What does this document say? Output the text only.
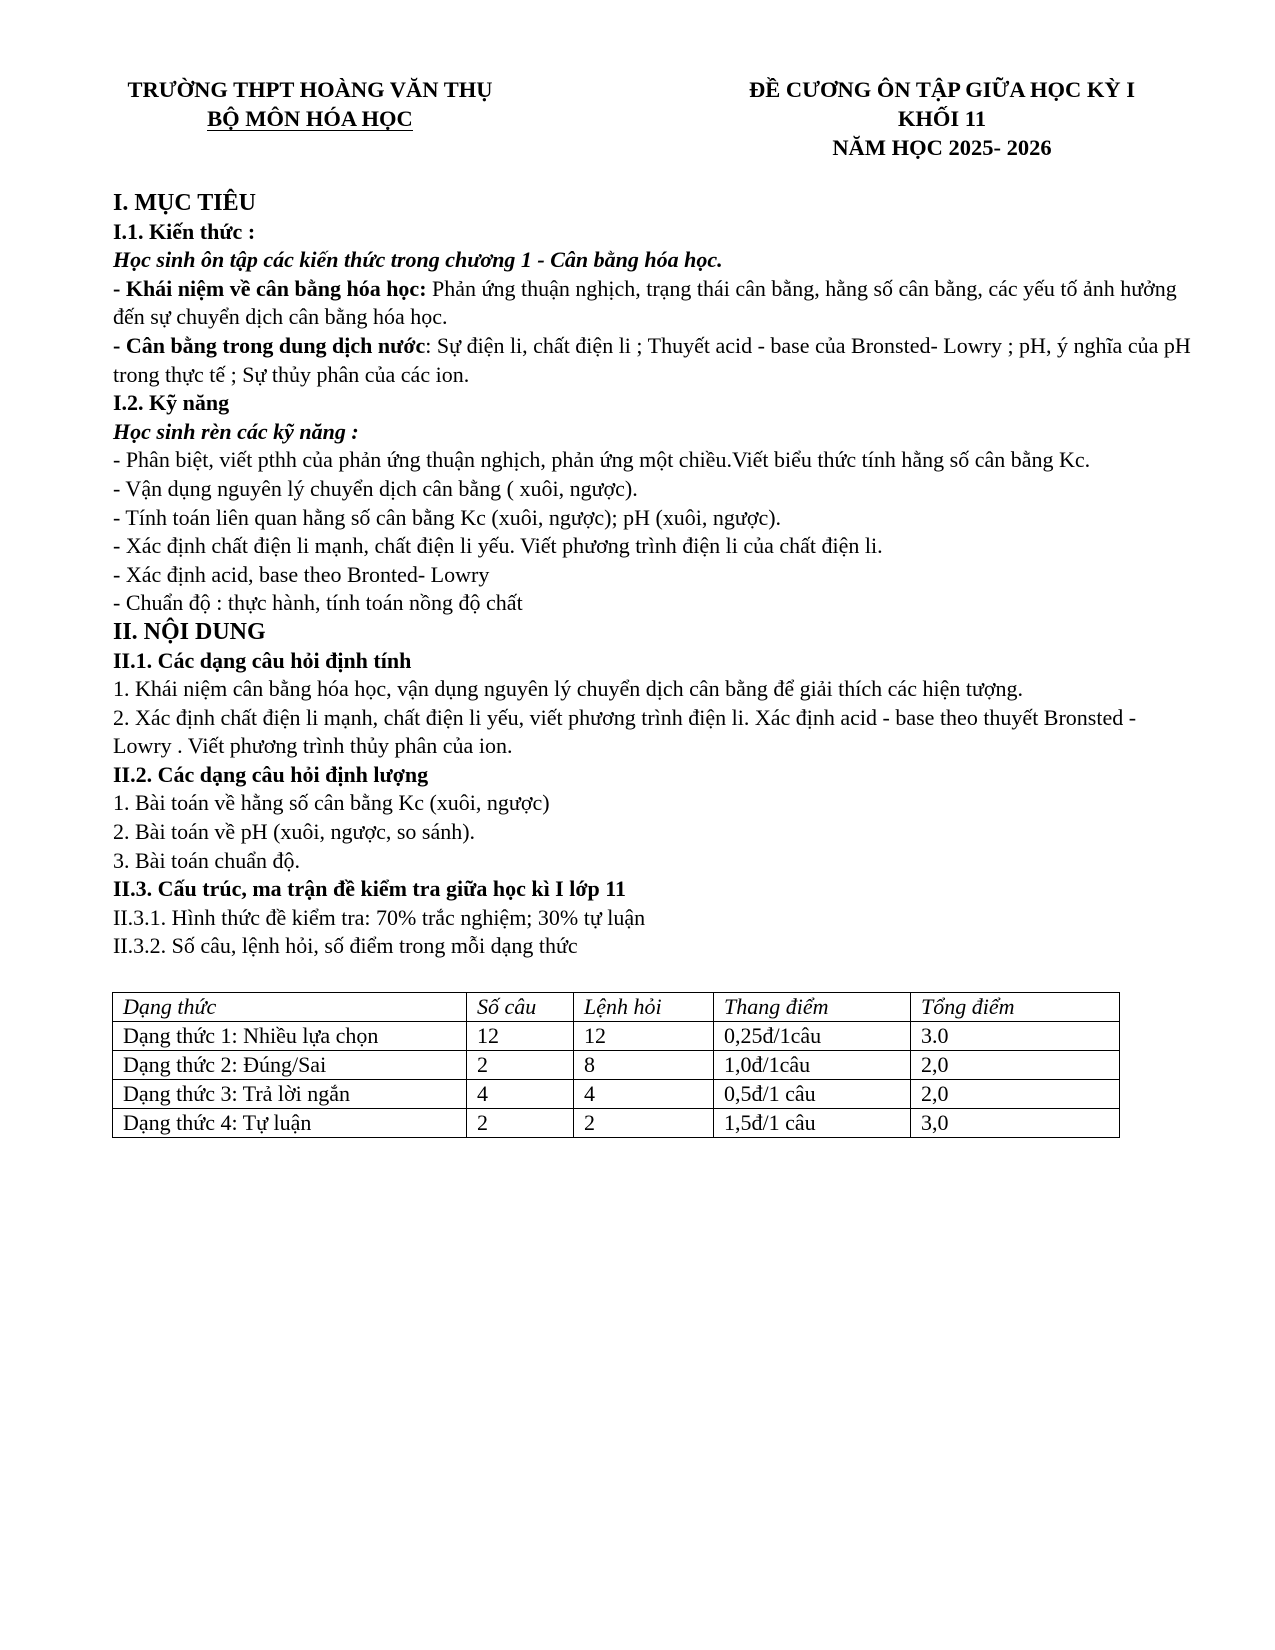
TRƯỜNG THPT HOÀNG VĂN THỤ
BỘ MÔN HÓA HỌC
ĐỀ CƯƠNG ÔN TẬP GIỮA HỌC KỲ I
KHỐI 11
NĂM HỌC 2025- 2026
I. MỤC TIÊU
I.1. Kiến thức :
Học sinh ôn tập các kiến thức trong chương 1 - Cân bằng hóa học.
- Khái niệm về cân bằng hóa học: Phản ứng thuận nghịch, trạng thái cân bằng, hằng số cân bằng, các yếu tố ảnh hưởng đến sự chuyển dịch cân bằng hóa học.
- Cân bằng trong dung dịch nước: Sự điện li, chất điện li ; Thuyết acid - base của Bronsted- Lowry ; pH, ý nghĩa của pH trong thực tế ; Sự thủy phân của các ion.
I.2. Kỹ năng
Học sinh rèn các kỹ năng :
- Phân biệt, viết pthh của phản ứng thuận nghịch, phản ứng một chiều.Viết biểu thức tính hằng số cân bằng Kc.
- Vận dụng nguyên lý chuyển dịch cân bằng ( xuôi, ngược).
- Tính toán liên quan hằng số cân bằng Kc (xuôi, ngược); pH (xuôi, ngược).
- Xác định chất điện li mạnh, chất điện li yếu. Viết phương trình điện li của chất điện li.
- Xác định acid, base theo Bronted- Lowry
- Chuẩn độ : thực hành, tính toán nồng độ chất
II. NỘI DUNG
II.1. Các dạng câu hỏi định tính
1. Khái niệm cân bằng hóa học, vận dụng nguyên lý chuyển dịch cân bằng để giải thích các hiện tượng.
2. Xác định chất điện li mạnh, chất điện li yếu, viết phương trình điện li. Xác định acid - base theo thuyết Bronsted - Lowry . Viết phương trình thủy phân của ion.
II.2. Các dạng câu hỏi định lượng
1. Bài toán về hằng số cân bằng Kc (xuôi, ngược)
2. Bài toán về pH (xuôi, ngược, so sánh).
3. Bài toán chuẩn độ.
II.3. Cấu trúc, ma trận đề kiểm tra giữa học kì I lớp 11
II.3.1. Hình thức đề kiểm tra: 70% trắc nghiệm; 30% tự luận
II.3.2. Số câu, lệnh hỏi, số điểm trong mỗi dạng thức
Dạng thức	Số câu	Lệnh hỏi	Thang điểm	Tổng điểm
Dạng thức 1: Nhiều lựa chọn	12	12	0,25đ/1câu	3.0
Dạng thức 2: Đúng/Sai	2	8	1,0đ/1câu	2,0
Dạng thức 3: Trả lời ngắn	4	4	0,5đ/1 câu	2,0
Dạng thức 4: Tự luận	2	2	1,5đ/1 câu	3,0
